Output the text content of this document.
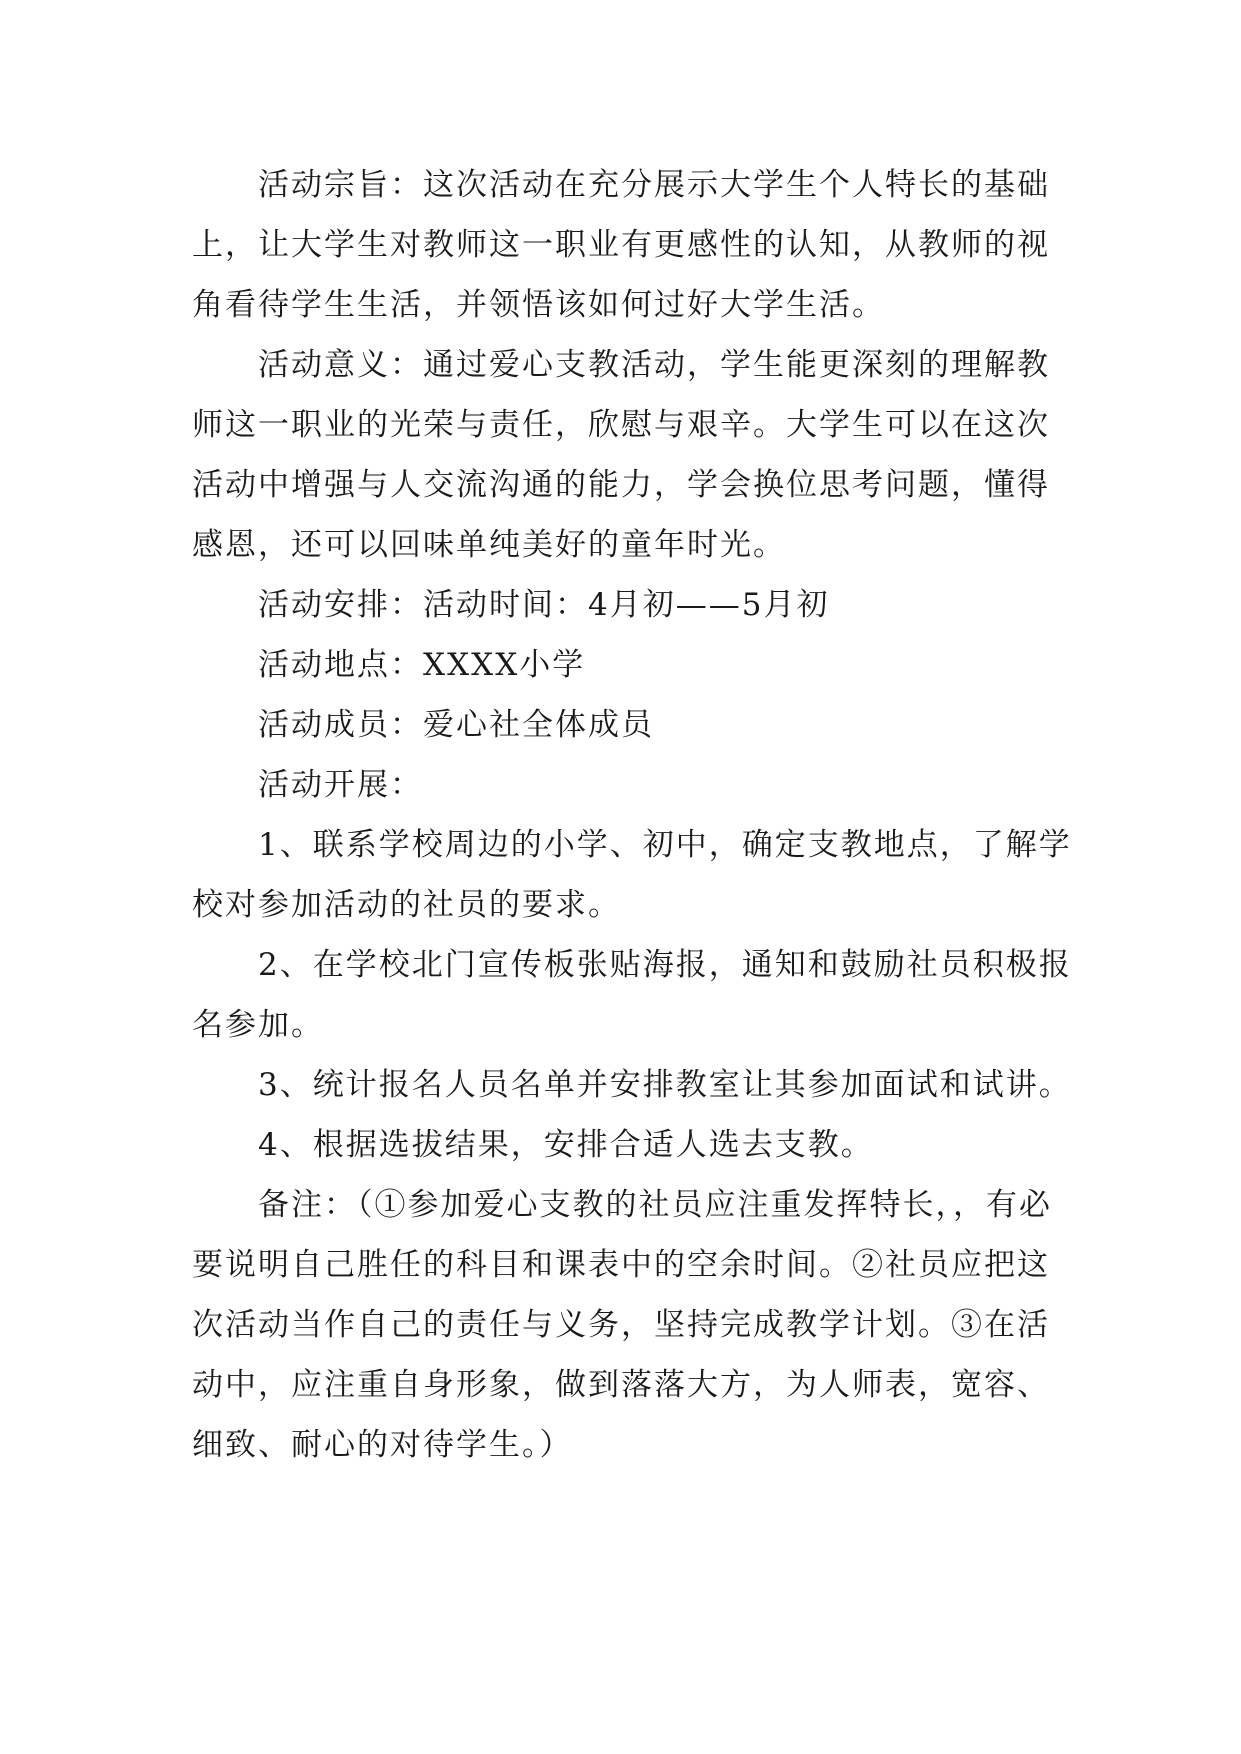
活动宗旨：这次活动在充分展示大学生个人特长的基础上，让大学生对教师这一职业有更感性的认知，从教师的视角看待学生生活，并领悟该如何过好大学生活。

活动意义：通过爱心支教活动，学生能更深刻的理解教师这一职业的光荣与责任，欣慰与艰辛。大学生可以在这次活动中增强与人交流沟通的能力，学会换位思考问题，懂得感恩，还可以回味单纯美好的童年时光。

活动安排：活动时间：4月初——5月初

活动地点：XXXX小学

活动成员：爱心社全体成员

活动开展：

1、联系学校周边的小学、初中，确定支教地点，了解学校对参加活动的社员的要求。

2、在学校北门宣传板张贴海报，通知和鼓励社员积极报名参加。

3、统计报名人员名单并安排教室让其参加面试和试讲。

4、根据选拔结果，安排合适人选去支教。

备注：（①参加爱心支教的社员应注重发挥特长，，有必要说明自己胜任的科目和课表中的空余时间。②社员应把这次活动当作自己的责任与义务，坚持完成教学计划。③在活动中，应注重自身形象，做到落落大方，为人师表，宽容、细致、耐心的对待学生。）
